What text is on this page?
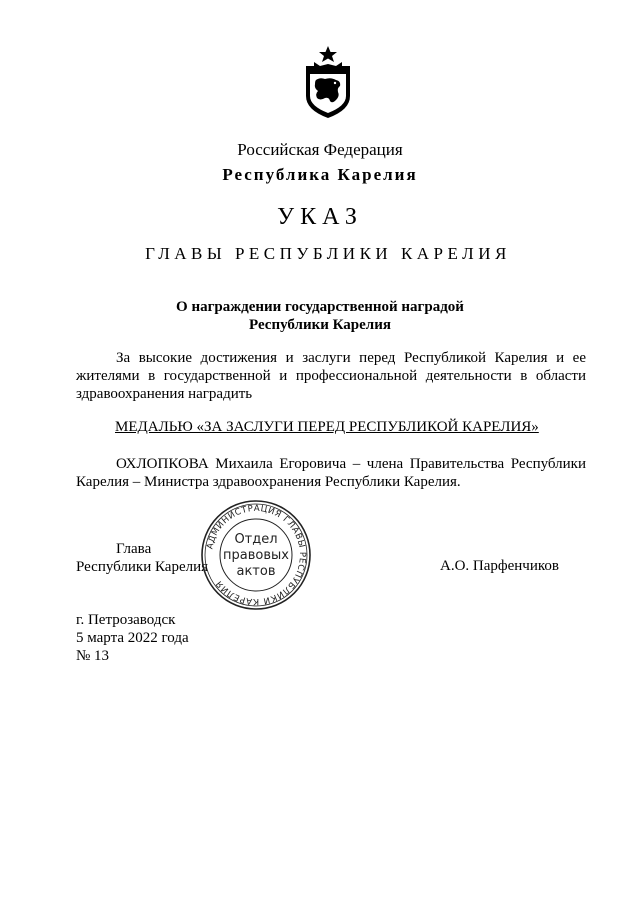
Российская Федерация
Республика Карелия
УКАЗ
ГЛАВЫ РЕСПУБЛИКИ КАРЕЛИЯ
О награждении государственной наградой
Республики Карелия
За высокие достижения и заслуги перед Республикой Карелия и ее
жителями в государственной и профессиональной деятельности в области
здравоохранения наградить
МЕДАЛЬЮ «ЗА ЗАСЛУГИ ПЕРЕД РЕСПУБЛИКОЙ КАРЕЛИЯ»
ОХЛОПКОВА Михаила Егоровича – члена Правительства Республики
Карелия – Министра здравоохранения Республики Карелия.
Глава
Республики Карелия
АДМИНИСТРАЦИЯ ГЛАВЫ РЕСПУБЛИКИ КАРЕЛИЯ
Отдел
правовых
актов	А.О. Парфенчиков
г. Петрозаводск
5 марта 2022 года
№ 13
